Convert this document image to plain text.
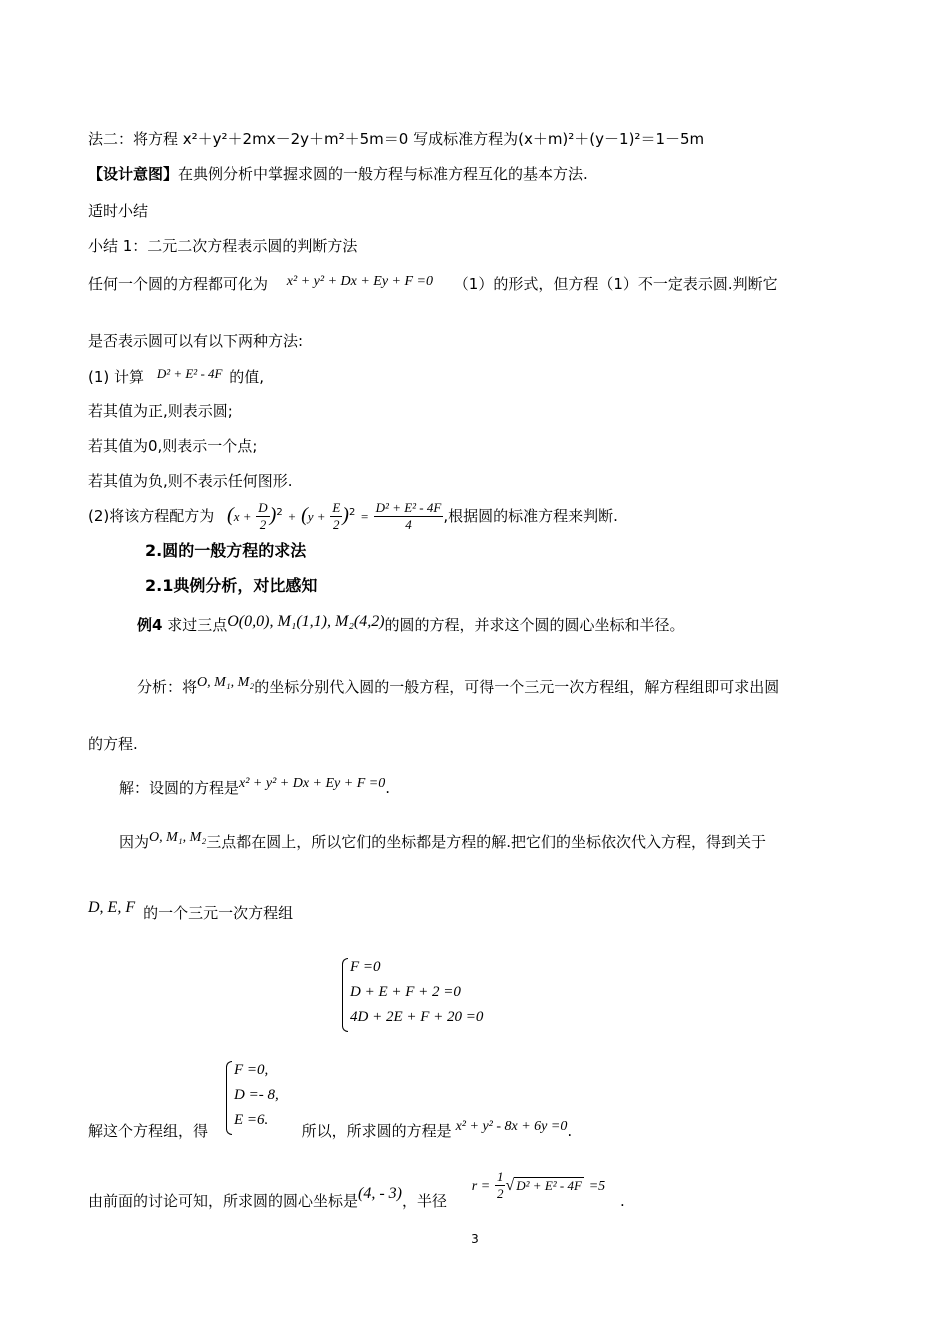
法二：将方程 x²＋y²＋2mx－2y＋m²＋5m＝0 写成标准方程为(x＋m)²＋(y－1)²＝1－5m
【设计意图】在典例分析中掌握求圆的一般方程与标准方程互化的基本方法.
适时小结
小结 1：二元二次方程表示圆的判断方法
任何一个圆的方程都可化为 x² + y² + Dx + Ey + F =0 （1）的形式，但方程（1）不一定表示圆.判断它
是否表示圆可以有以下两种方法:
(1) 计算 D² + E² - 4F 的值,
若其值为正,则表示圆;
若其值为0,则表示一个点;
若其值为负,则不表示任何图形.
(2)将该方程配方为 $(x + \frac{D}{2} )^2 + (y + \frac{E}{2} )^2 = \frac{\text{D² + E² - 4F}}{4}$ ,根据圆的标准方程来判断.
2.圆的一般方程的求法
2.1典例分析，对比感知
例4 求过三点O(0,0), M₁(1,1), M₂(4,2)的圆的方程，并求这个圆的圆心坐标和半径。
分析：将O, M₁, M₂的坐标分别代入圆的一般方程，可得一个三元一次方程组，解方程组即可求出圆
的方程.
解：设圆的方程是x² + y² + Dx + Ey + F =0.
因为O, M₁, M₂三点都在圆上，所以它们的坐标都是方程的解.把它们的坐标依次代入方程，得到关于
D, E, F 的一个三元一次方程组
F =0
D + E + F + 2 =0
4D + 2E + F + 20 =0
F =0,
D =- 8,
E =6.
解这个方程组，得	所以，所求圆的方程是 x² + y² - 8x + 6y =0.
由前面的讨论可知，所求圆的圆心坐标是(4, - 3)，半径 $r = \frac{1}{2}$ √ D² + E² - 4F =5 .
3
